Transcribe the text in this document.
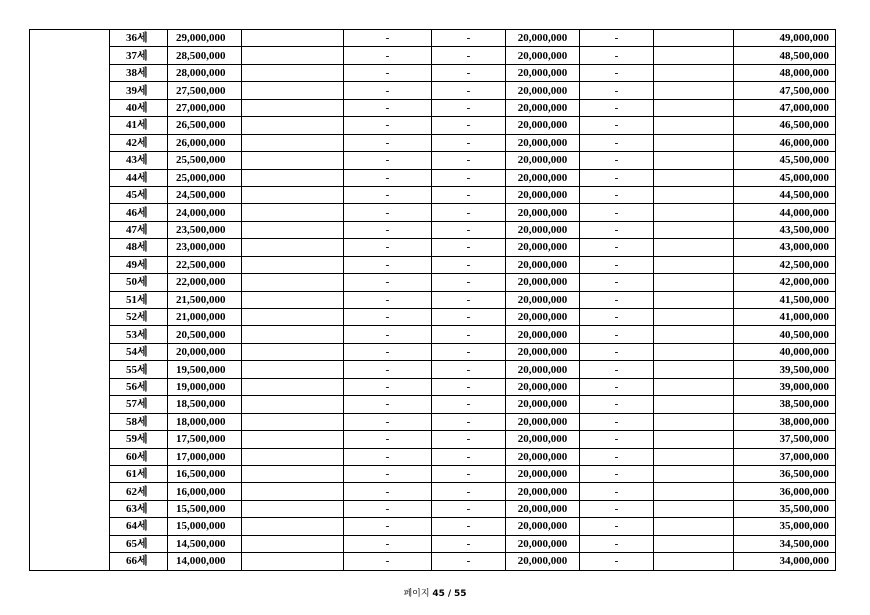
	36세	29,000,000		-	-	20,000,000	-		49,000,000
	37세	28,500,000		-	-	20,000,000	-		48,500,000
	38세	28,000,000		-	-	20,000,000	-		48,000,000
	39세	27,500,000		-	-	20,000,000	-		47,500,000
	40세	27,000,000		-	-	20,000,000	-		47,000,000
	41세	26,500,000		-	-	20,000,000	-		46,500,000
	42세	26,000,000		-	-	20,000,000	-		46,000,000
	43세	25,500,000		-	-	20,000,000	-		45,500,000
	44세	25,000,000		-	-	20,000,000	-		45,000,000
	45세	24,500,000		-	-	20,000,000	-		44,500,000
	46세	24,000,000		-	-	20,000,000	-		44,000,000
	47세	23,500,000		-	-	20,000,000	-		43,500,000
	48세	23,000,000		-	-	20,000,000	-		43,000,000
	49세	22,500,000		-	-	20,000,000	-		42,500,000
	50세	22,000,000		-	-	20,000,000	-		42,000,000
	51세	21,500,000		-	-	20,000,000	-		41,500,000
	52세	21,000,000		-	-	20,000,000	-		41,000,000
	53세	20,500,000		-	-	20,000,000	-		40,500,000
	54세	20,000,000		-	-	20,000,000	-		40,000,000
	55세	19,500,000		-	-	20,000,000	-		39,500,000
	56세	19,000,000		-	-	20,000,000	-		39,000,000
	57세	18,500,000		-	-	20,000,000	-		38,500,000
	58세	18,000,000		-	-	20,000,000	-		38,000,000
	59세	17,500,000		-	-	20,000,000	-		37,500,000
	60세	17,000,000		-	-	20,000,000	-		37,000,000
	61세	16,500,000		-	-	20,000,000	-		36,500,000
	62세	16,000,000		-	-	20,000,000	-		36,000,000
	63세	15,500,000		-	-	20,000,000	-		35,500,000
	64세	15,000,000		-	-	20,000,000	-		35,000,000
	65세	14,500,000		-	-	20,000,000	-		34,500,000
	66세	14,000,000		-	-	20,000,000	-		34,000,000
페이지 45 / 55
